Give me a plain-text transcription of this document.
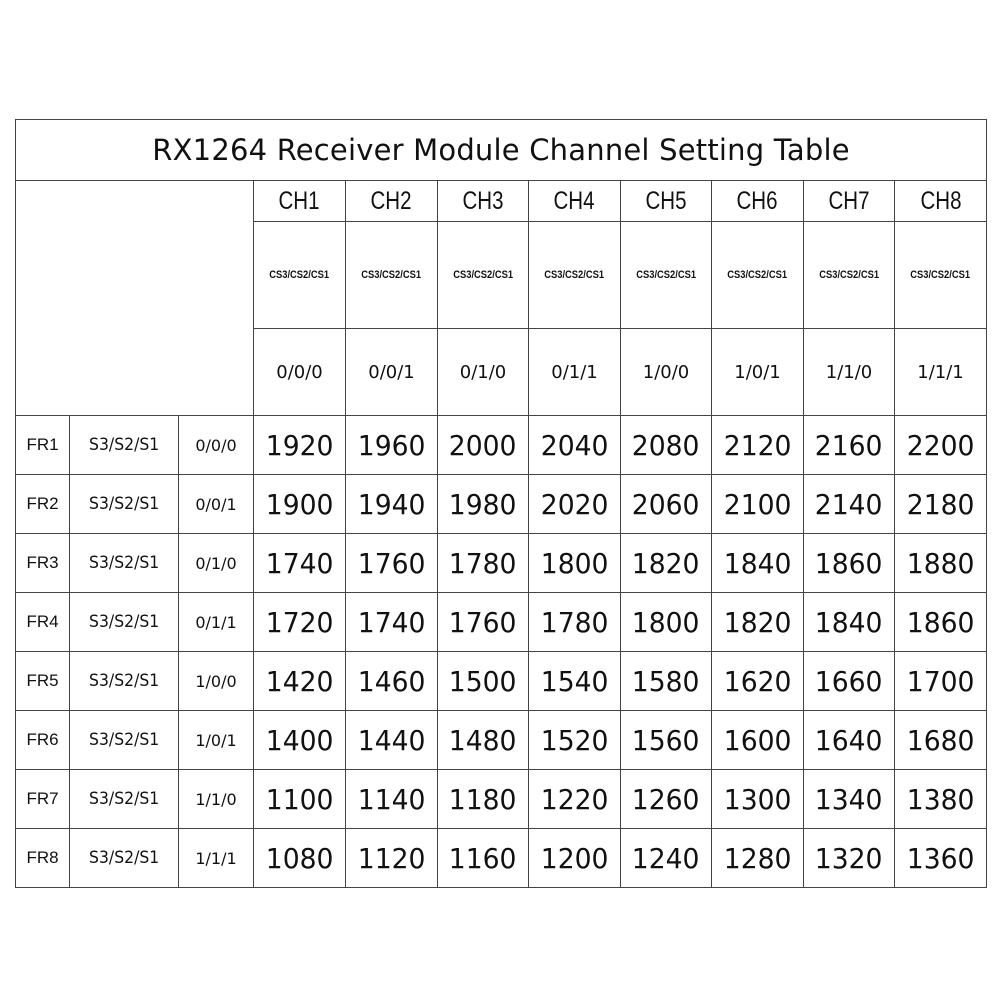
RX1264 Receiver Module Channel Setting Table										
			CH1	CH2	CH3	CH4	CH5	CH6	CH7	CH8
			CS3/CS2/CS1	CS3/CS2/CS1	CS3/CS2/CS1	CS3/CS2/CS1	CS3/CS2/CS1	CS3/CS2/CS1	CS3/CS2/CS1	CS3/CS2/CS1
			0/0/0	0/0/1	0/1/0	0/1/1	1/0/0	1/0/1	1/1/0	1/1/1
FR1	S3/S2/S1	0/0/0	1920	1960	2000	2040	2080	2120	2160	2200
FR2	S3/S2/S1	0/0/1	1900	1940	1980	2020	2060	2100	2140	2180
FR3	S3/S2/S1	0/1/0	1740	1760	1780	1800	1820	1840	1860	1880
FR4	S3/S2/S1	0/1/1	1720	1740	1760	1780	1800	1820	1840	1860
FR5	S3/S2/S1	1/0/0	1420	1460	1500	1540	1580	1620	1660	1700
FR6	S3/S2/S1	1/0/1	1400	1440	1480	1520	1560	1600	1640	1680
FR7	S3/S2/S1	1/1/0	1100	1140	1180	1220	1260	1300	1340	1380
FR8	S3/S2/S1	1/1/1	1080	1120	1160	1200	1240	1280	1320	1360
